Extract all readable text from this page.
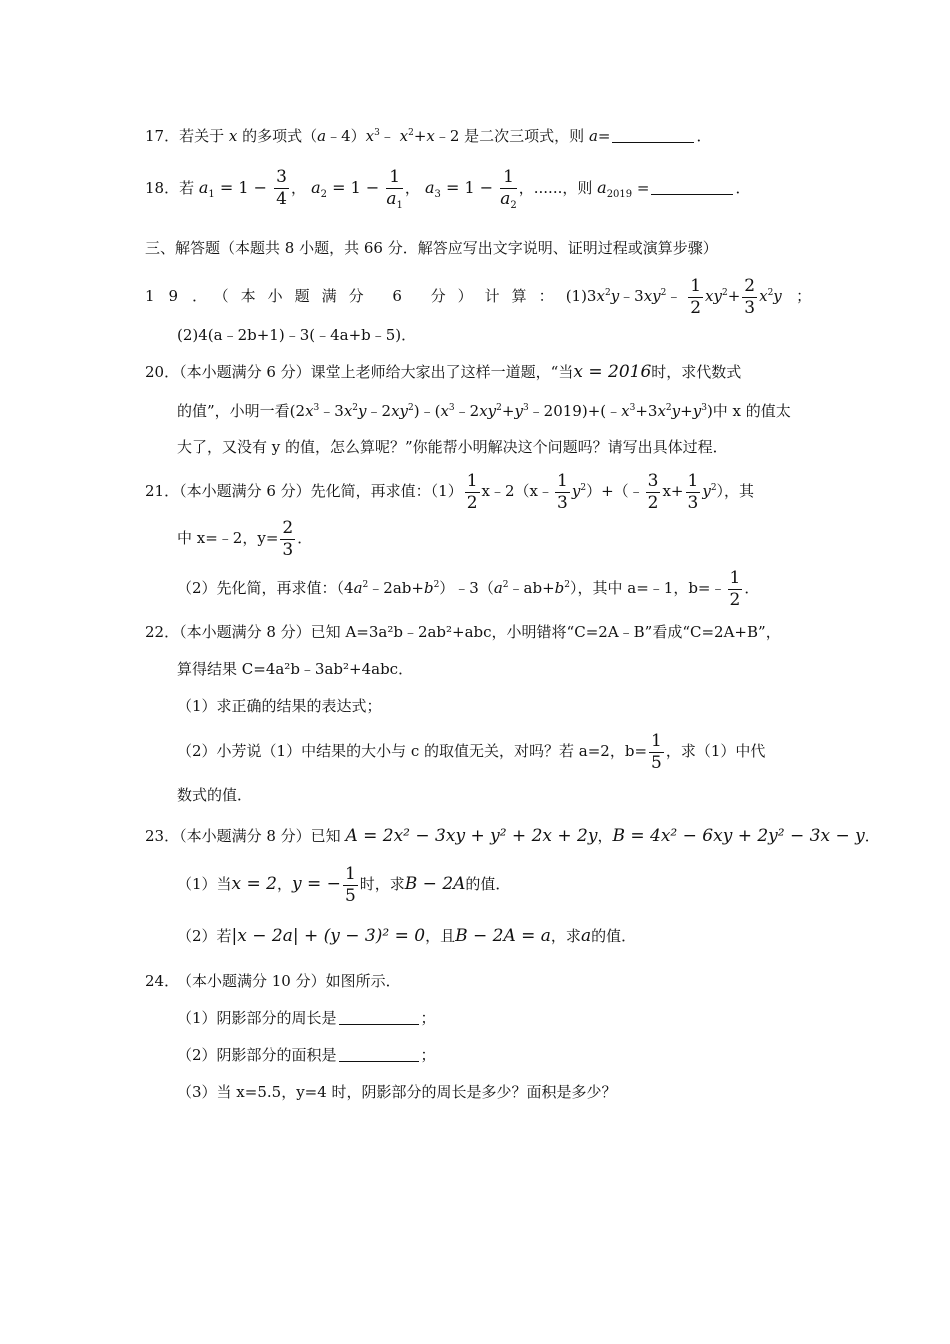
17．若关于 x 的多项式$(a﹣4)x^3﹣$ $x^2+x﹣2$ 是二次三项式，则 a=	．
18．若 $a_1 = 1 - \frac{3}{4}$ ， $a_2 = 1 - \frac{1}{a_1}$ ， $a_3 = 1 - \frac{1}{a_2}$ ，......，则 $a_{2019}$ =	．
三、解答题（本题共 8 小题，共 66 分．解答应写出文字说明、证明过程或演算步骤）
19．（本小题满分 6 分）计算：$(1)3x^2y﹣3xy^2﹣ \frac{1}{2} xy^2+ \frac{2}{3} x^2y$ ；
(2)4(a﹣2b+1)﹣3(﹣4a+b﹣5)．
20．（本小题满分 6 分）课堂上老师给大家出了这样一道题，“当x = 2016时，求代数式
的值”，小明一看$(2x^3﹣3x^2y﹣2xy^2)﹣(x^3﹣2xy^2+y^3﹣2019)+(﹣x^3+3x^2y+y^3)$中 x 的值太
大了，又没有 y 的值，怎么算呢？”你能帮小明解决这个问题吗？请写出具体过程．
21．（本小题满分 6 分）先化简，再求值：$(1) \frac{1}{2}$ x﹣2（x﹣ $\frac{1}{3}$ $y^2)+(﹣ \frac{3}{2} x+ \frac{1}{3} y^2)$，其
中 x=﹣2，$y= \frac{2}{3}$ ．
（2）先化简，再求值：$(4a^2﹣2ab+b^2)﹣3(a^2﹣ab+b^2)$，其中 a=﹣1，b=﹣ $\frac{1}{2}$ ．
22．（本小题满分 8 分）已知 A=3a²b﹣2ab²+abc，小明错将“C=2A﹣B”看成“C=2A+B”，
算得结果 C=4a²b﹣3ab²+4abc．
（1）求正确的结果的表达式；
（2）小芳说（1）中结果的大小与 c 的取值无关，对吗？若 a=2，$b= \frac{1}{5}$ ，求（1）中代
数式的值．
23．（本小题满分 8 分）已知 A = 2x² − 3xy + y² + 2x + 2y，B = 4x² − 6xy + 2y² − 3x − y．
（1）当x = 2，y = − $\frac{1}{5}$ 时，求B − 2A的值．
（2）若|x − 2a| + (y − 3)² = 0，且B − 2A = a，求a的值．
24．（本小题满分 10 分）如图所示．
（1）阴影部分的周长是	；
（2）阴影部分的面积是	；
（3）当 x=5.5，y=4 时，阴影部分的周长是多少？面积是多少？
